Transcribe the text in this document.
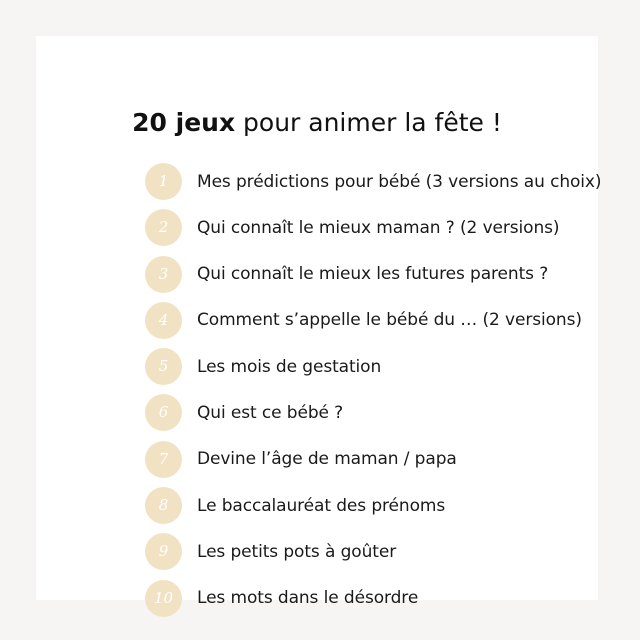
20 jeux pour animer la fête !
1	Mes prédictions pour bébé (3 versions au choix)
2	Qui connaît le mieux maman ? (2 versions)
3	Qui connaît le mieux les futures parents ?
4	Comment s’appelle le bébé du … (2 versions)
5	Les mois de gestation
6	Qui est ce bébé ?
7	Devine l’âge de maman / papa
8	Le baccalauréat des prénoms
9	Les petits pots à goûter
10	Les mots dans le désordre
